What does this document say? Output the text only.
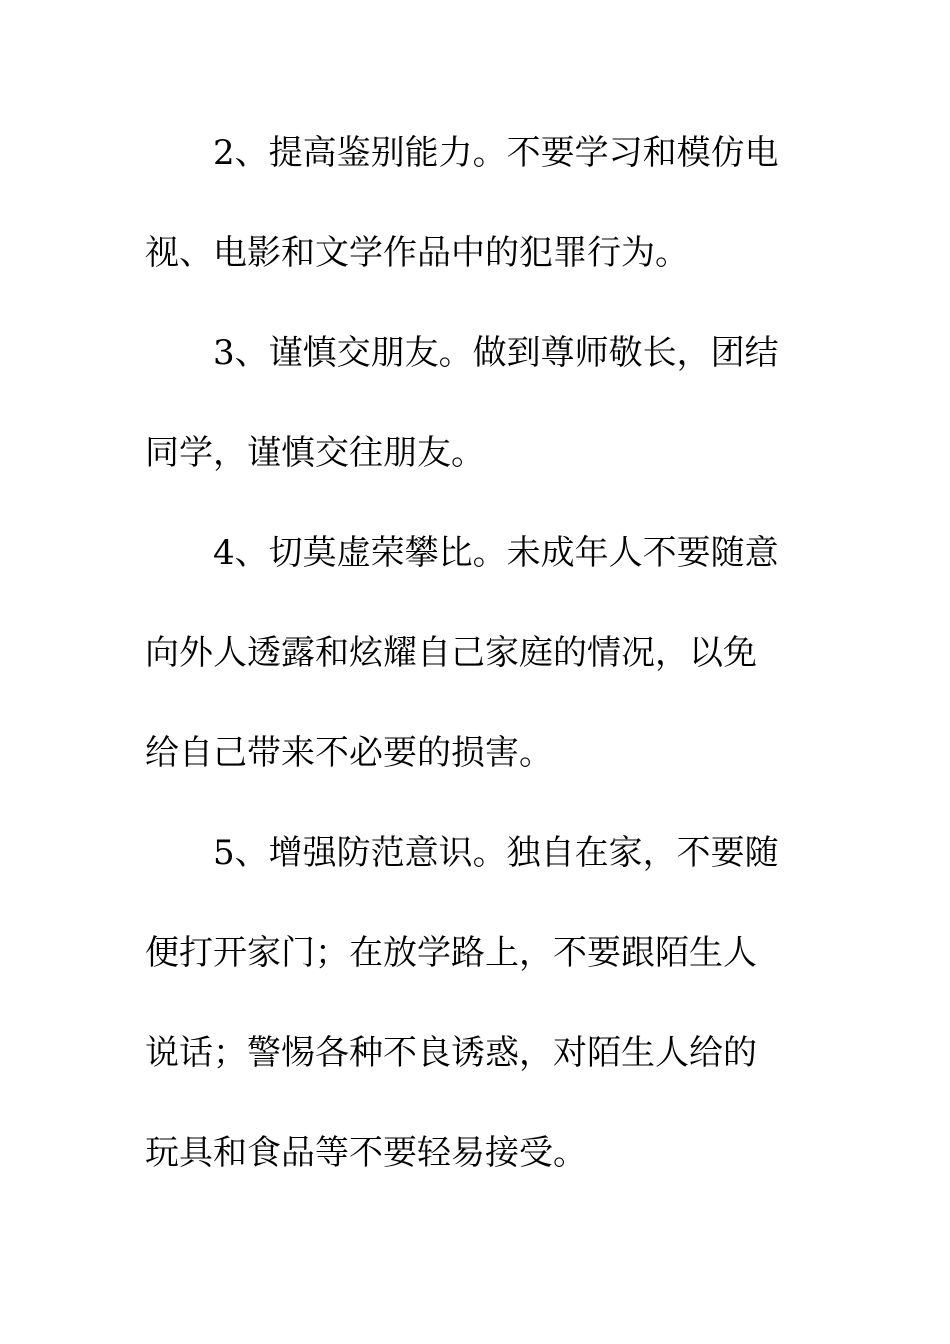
2、提高鉴别能力。不要学习和模仿电
视、电影和文学作品中的犯罪行为。
3、谨慎交朋友。做到尊师敬长，团结
同学，谨慎交往朋友。
4、切莫虚荣攀比。未成年人不要随意
向外人透露和炫耀自己家庭的情况，以免
给自己带来不必要的损害。
5、增强防范意识。独自在家，不要随
便打开家门；在放学路上，不要跟陌生人
说话；警惕各种不良诱惑，对陌生人给的
玩具和食品等不要轻易接受。
